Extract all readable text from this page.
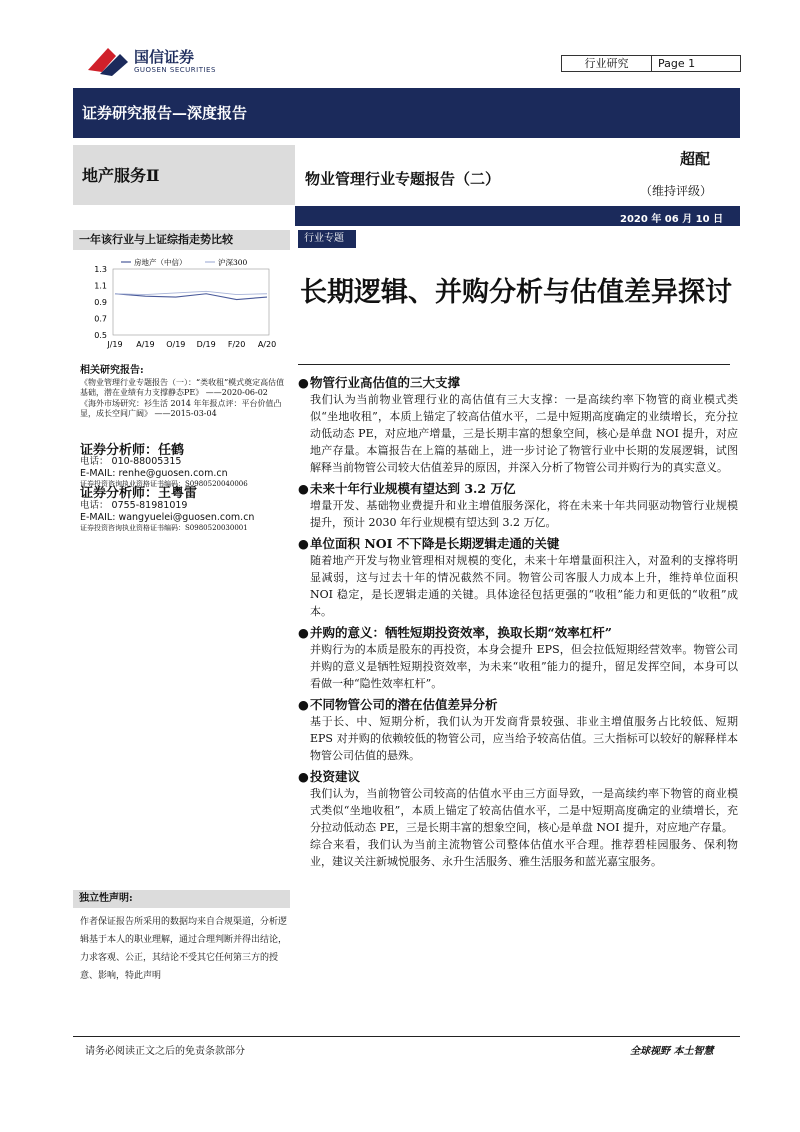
国信证券
GUOSEN SECURITIES	行业研究	Page 1
证券研究报告—深度报告
地产服务Ⅱ	物业管理行业专题报告（二）
超配
（维持评级）
2020 年 06 月 10 日
一年该行业与上证综指走势比较	行业专题
1.3
1.1
0.9
0.7
0.5
J/19 A/19 O/19 D/19 F/20 A/20
房地产（中信）	沪深300
长期逻辑、并购分析与估值差异探讨
相关研究报告:
《物业管理行业专题报告（一）：“类收租”模式奠定高估值基础，潜在业绩有力支撑静态PE》 ——2020-06-02
《海外市场研究：衫生活 2014 年年报点评：平台价值凸显，成长空间广阔》 ——2015-03-04
证券分析师：任鹤
电话： 010-88005315
E-MAIL: renhe@guosen.com.cn
证券投资咨询执业资格证书编码：S0980520040006
证券分析师：王粤雷
电话： 0755-81981019
E-MAIL: wangyuelei@guosen.com.cn
证券投资咨询执业资格证书编码：S0980520030001
独立性声明:
作者保证报告所采用的数据均来自合规渠道，分析逻辑基于本人的职业理解，通过合理判断并得出结论，力求客观、公正，其结论不受其它任何第三方的授意、影响，特此声明
● 物管行业高估值的三大支撑
我们认为当前物业管理行业的高估值有三大支撑：一是高续约率下物管的商业模式类似“坐地收租”，本质上锚定了较高估值水平，二是中短期高度确定的业绩增长，充分拉动低动态 PE，对应地产增量，三是长期丰富的想象空间，核心是单盘 NOI 提升，对应地产存量。本篇报告在上篇的基础上，进一步讨论了物管行业中长期的发展逻辑，试图解释当前物管公司较大估值差异的原因，并深入分析了物管公司并购行为的真实意义。
● 未来十年行业规模有望达到 3.2 万亿
增量开发、基础物业费提升和业主增值服务深化，将在未来十年共同驱动物管行业规模提升，预计 2030 年行业规模有望达到 3.2 万亿。
● 单位面积 NOI 不下降是长期逻辑走通的关键
随着地产开发与物业管理相对规模的变化，未来十年增量面积注入，对盈利的支撑将明显减弱，这与过去十年的情况截然不同。物管公司客服人力成本上升，维持单位面积 NOI 稳定，是长逻辑走通的关键。具体途径包括更强的“收租”能力和更低的“收租”成本。
● 并购的意义：牺牲短期投资效率，换取长期“效率杠杆”
并购行为的本质是股东的再投资，本身会提升 EPS，但会拉低短期经营效率。物管公司并购的意义是牺牲短期投资效率，为未来“收租”能力的提升，留足发挥空间，本身可以看做一种“隐性效率杠杆”。
● 不同物管公司的潜在估值差异分析
基于长、中、短期分析，我们认为开发商背景较强、非业主增值服务占比较低、短期 EPS 对并购的依赖较低的物管公司，应当给予较高估值。三大指标可以较好的解释样本物管公司估值的悬殊。
● 投资建议
我们认为，当前物管公司较高的估值水平由三方面导致，一是高续约率下物管的商业模式类似“坐地收租”，本质上锚定了较高估值水平，二是中短期高度确定的业绩增长，充分拉动低动态 PE，三是长期丰富的想象空间，核心是单盘 NOI 提升，对应地产存量。
综合来看，我们认为当前主流物管公司整体估值水平合理。推荐碧桂园服务、保利物业，建议关注新城悦服务、永升生活服务、雅生活服务和蓝光嘉宝服务。
请务必阅读正文之后的免责条款部分	全球视野 本土智慧
